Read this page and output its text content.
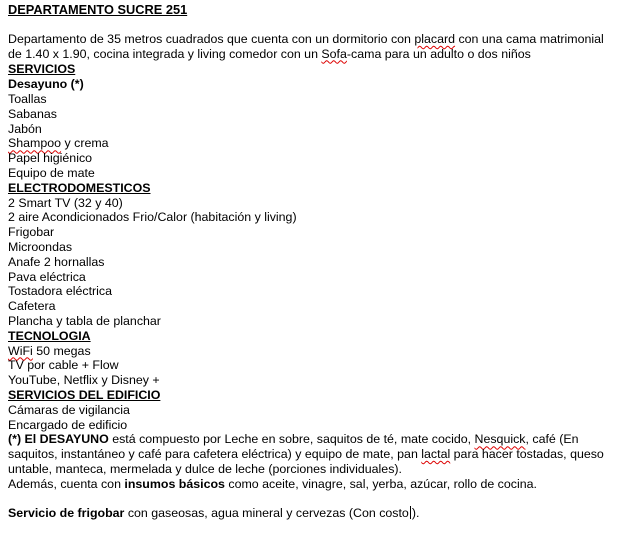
DEPARTAMENTO SUCRE 251
Departamento de 35 metros cuadrados que cuenta con un dormitorio con placard con una cama matrimonial de 1.40 x 1.90, cocina integrada y living comedor con un Sofa-cama para un adulto o dos niños
SERVICIOS
Desayuno (*)
Toallas
Sabanas
Jabón
Shampoo y crema
Papel higiénico
Equipo de mate
ELECTRODOMESTICOS
2 Smart TV (32 y 40)
2 aire Acondicionados Frio/Calor (habitación y living)
Frigobar
Microondas
Anafe 2 hornallas
Pava eléctrica
Tostadora eléctrica
Cafetera
Plancha y tabla de planchar
TECNOLOGIA
WiFi 50 megas
TV por cable + Flow
YouTube, Netflix y Disney +
SERVICIOS DEL EDIFICIO
Cámaras de vigilancia
Encargado de edificio
(*) El DESAYUNO está compuesto por Leche en sobre, saquitos de té, mate cocido, Nesquick, café (En saquitos, instantáneo y café para cafetera eléctrica) y equipo de mate, pan lactal para hacer tostadas, queso untable, manteca, mermelada y dulce de leche (porciones individuales).
Además, cuenta con insumos básicos como aceite, vinagre, sal, yerba, azúcar, rollo de cocina.
Servicio de frigobar con gaseosas, agua mineral y cervezas (Con costo ).
